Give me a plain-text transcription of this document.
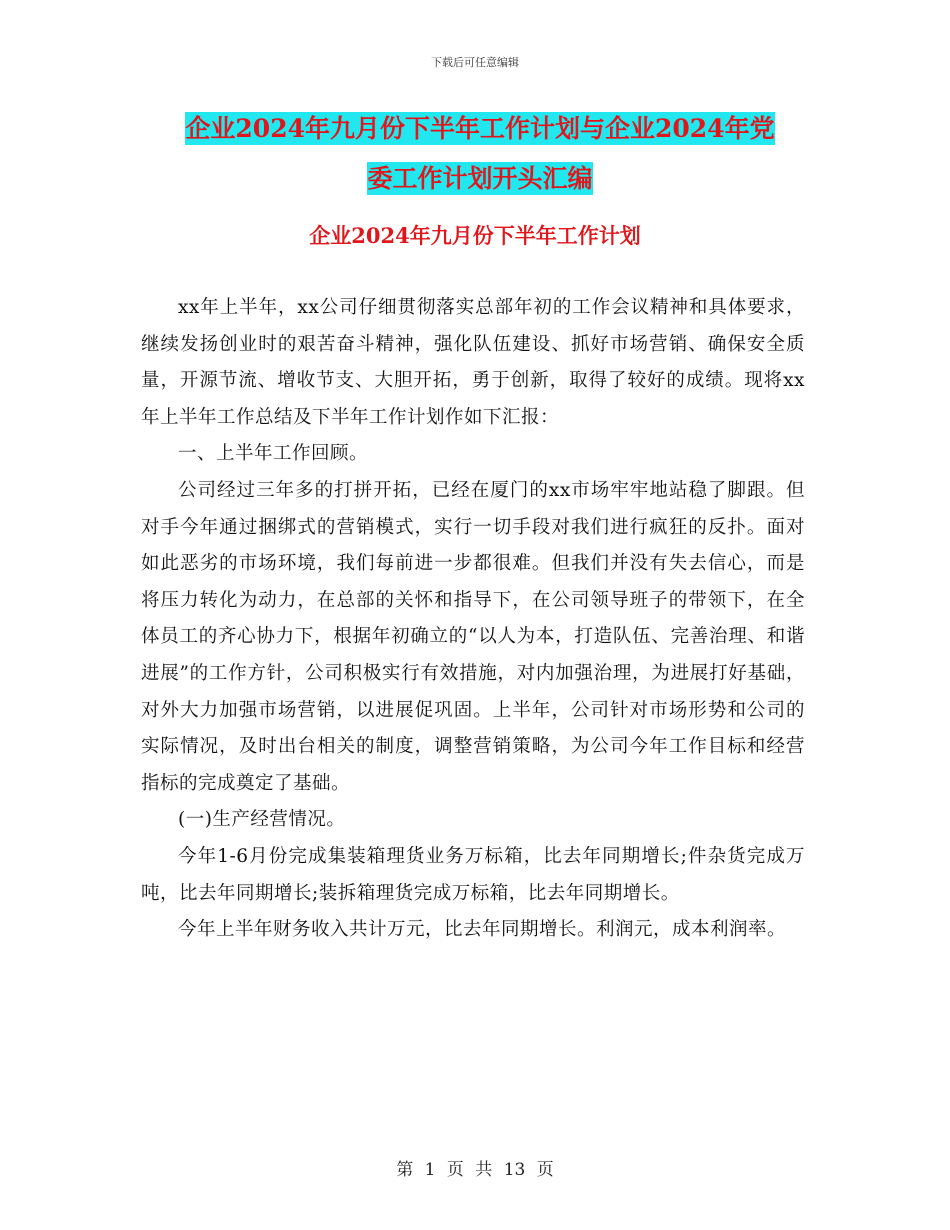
下载后可任意编辑
企业2024年九月份下半年工作计划与企业2024年党
委工作计划开头汇编
企业2024年九月份下半年工作计划

xx年上半年，xx公司仔细贯彻落实总部年初的工作会议精神和具体要求，继续发扬创业时的艰苦奋斗精神，强化队伍建设、抓好市场营销、确保安全质量，开源节流、增收节支、大胆开拓，勇于创新，取得了较好的成绩。现将xx年上半年工作总结及下半年工作计划作如下汇报：

一、上半年工作回顾。

公司经过三年多的打拼开拓，已经在厦门的xx市场牢牢地站稳了脚跟。但对手今年通过捆绑式的营销模式，实行一切手段对我们进行疯狂的反扑。面对如此恶劣的市场环境，我们每前进一步都很难。但我们并没有失去信心，而是将压力转化为动力，在总部的关怀和指导下，在公司领导班子的带领下，在全体员工的齐心协力下，根据年初确立的“以人为本，打造队伍、完善治理、和谐进展”的工作方针，公司积极实行有效措施，对内加强治理，为进展打好基础，对外大力加强市场营销，以进展促巩固。上半年，公司针对市场形势和公司的实际情况，及时出台相关的制度，调整营销策略，为公司今年工作目标和经营指标的完成奠定了基础。

(一)生产经营情况。

今年1-6月份完成集装箱理货业务万标箱，比去年同期增长;件杂货完成万吨，比去年同期增长;装拆箱理货完成万标箱，比去年同期增长。

今年上半年财务收入共计万元，比去年同期增长。利润元，成本利润率。

第 1 页 共 13 页
